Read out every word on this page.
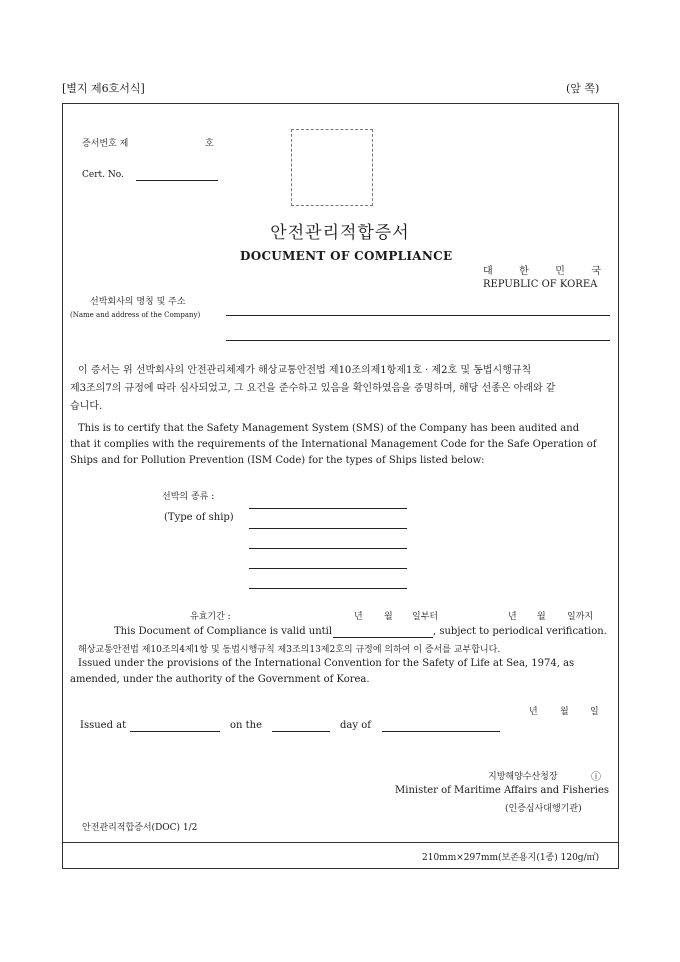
[별지 제6호서식]	(앞 쪽)
증서번호 제	호
Cert. No.
안전관리적합증서
DOCUMENT OF COMPLIANCE
대	한	민	국
REPUBLIC OF KOREA
선박회사의 명칭 및 주소
(Name and address of the Company)
이 증서는 위 선박회사의 안전관리체제가 해상교통안전법 제10조의제1항제1호 · 제2호 및 동법시행규칙
제3조의7의 규정에 따라 심사되었고, 그 요건을 준수하고 있음을 확인하였음을 증명하며, 해당 선종은 아래와 같
습니다.
This is to certify that the Safety Management System (SMS) of the Company has been audited and
that it complies with the requirements of the International Management Code for the Safe Operation of
Ships and for Pollution Prevention (ISM Code) for the types of Ships listed below:
선박의 종류 :
(Type of ship)
유효기간 :	년 월 일부터	년 월 일까지
This Document of Compliance is valid until	, subject to periodical verification.
해상교통안전법 제10조의4제1항 및 동법시행규칙 제3조의13제2호의 규정에 의하여 이 증서를 교부합니다.
Issued under the provisions of the International Convention for the Safety of Life at Sea, 1974, as
amended, under the authority of the Government of Korea.
년 월 일
Issued at	on the	day of
지방해양수산청장	ⓘ
Minister of Maritime Affairs and Fisheries
(인증심사대행기관)
안전관리적합증서(DOC) 1/2
210mm×297mm(보존용지(1종) 120g/㎡)
